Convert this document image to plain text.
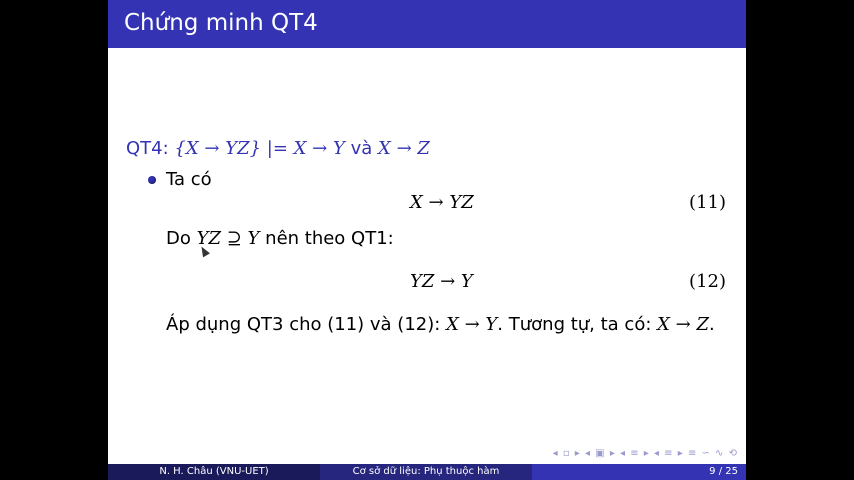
Chứng minh QT4
QT4: {X → YZ} |= X → Y và X → Z
Ta có
X → YZ	(11)
Do YZ ⊇ Y nên theo QT1:
YZ → Y	(12)
Áp dụng QT3 cho (11) và (12): X → Y. Tương tự, ta có: X → Z.
◂ ▫ ▸ ◂ ▣ ▸ ◂ ≡ ▸ ◂ ≡ ▸ ≡ ∽ ∿ ⟲
N. H. Châu (VNU-UET)	Cơ sở dữ liệu: Phụ thuộc hàm	9 / 25
